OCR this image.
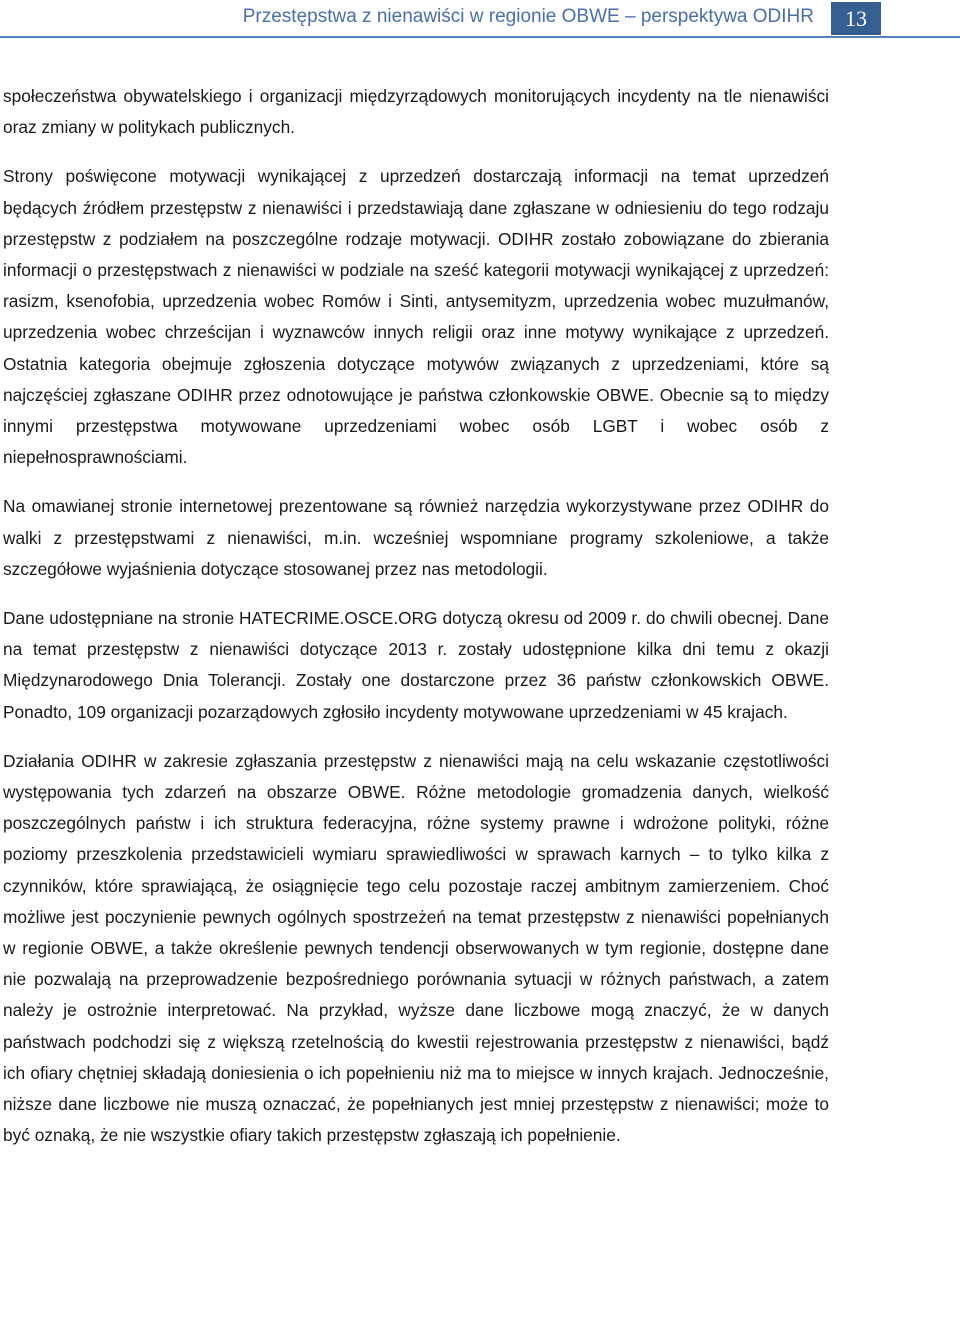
Przestępstwa z nienawiści w regionie OBWE – perspektywa ODIHR	13

społeczeństwa obywatelskiego i organizacji międzyrządowych monitorujących incydenty na tle nienawiści oraz zmiany w politykach publicznych.

Strony poświęcone motywacji wynikającej z uprzedzeń dostarczają informacji na temat uprzedzeń będących źródłem przestępstw z nienawiści i przedstawiają dane zgłaszane w odniesieniu do tego rodzaju przestępstw z podziałem na poszczególne rodzaje motywacji. ODIHR zostało zobowiązane do zbierania informacji o przestępstwach z nienawiści w podziale na sześć kategorii motywacji wynikającej z uprzedzeń: rasizm, ksenofobia, uprzedzenia wobec Romów i Sinti, antysemityzm, uprzedzenia wobec muzułmanów, uprzedzenia wobec chrześcijan i wyznawców innych religii oraz inne motywy wynikające z uprzedzeń. Ostatnia kategoria obejmuje zgłoszenia dotyczące motywów związanych z uprzedzeniami, które są najczęściej zgłaszane ODIHR przez odnotowujące je państwa członkowskie OBWE. Obecnie są to między innymi przestępstwa motywowane uprzedzeniami wobec osób LGBT i wobec osób z niepełnosprawnościami.

Na omawianej stronie internetowej prezentowane są również narzędzia wykorzystywane przez ODIHR do walki z przestępstwami z nienawiści, m.in. wcześniej wspomniane programy szkoleniowe, a także szczegółowe wyjaśnienia dotyczące stosowanej przez nas metodologii.

Dane udostępniane na stronie HATECRIME.OSCE.ORG dotyczą okresu od 2009 r. do chwili obecnej. Dane na temat przestępstw z nienawiści dotyczące 2013 r. zostały udostępnione kilka dni temu z okazji Międzynarodowego Dnia Tolerancji. Zostały one dostarczone przez 36 państw członkowskich OBWE. Ponadto, 109 organizacji pozarządowych zgłosiło incydenty motywowane uprzedzeniami w 45 krajach.

Działania ODIHR w zakresie zgłaszania przestępstw z nienawiści mają na celu wskazanie częstotliwości występowania tych zdarzeń na obszarze OBWE. Różne metodologie gromadzenia danych, wielkość poszczególnych państw i ich struktura federacyjna, różne systemy prawne i wdrożone polityki, różne poziomy przeszkolenia przedstawicieli wymiaru sprawiedliwości w sprawach karnych – to tylko kilka z czynników, które sprawiającą, że osiągnięcie tego celu pozostaje raczej ambitnym zamierzeniem. Choć możliwe jest poczynienie pewnych ogólnych spostrzeżeń na temat przestępstw z nienawiści popełnianych w regionie OBWE, a także określenie pewnych tendencji obserwowanych w tym regionie, dostępne dane nie pozwalają na przeprowadzenie bezpośredniego porównania sytuacji w różnych państwach, a zatem należy je ostrożnie interpretować. Na przykład, wyższe dane liczbowe mogą znaczyć, że w danych państwach podchodzi się z większą rzetelnością do kwestii rejestrowania przestępstw z nienawiści, bądź ich ofiary chętniej składają doniesienia o ich popełnieniu niż ma to miejsce w innych krajach. Jednocześnie, niższe dane liczbowe nie muszą oznaczać, że popełnianych jest mniej przestępstw z nienawiści; może to być oznaką, że nie wszystkie ofiary takich przestępstw zgłaszają ich popełnienie.
